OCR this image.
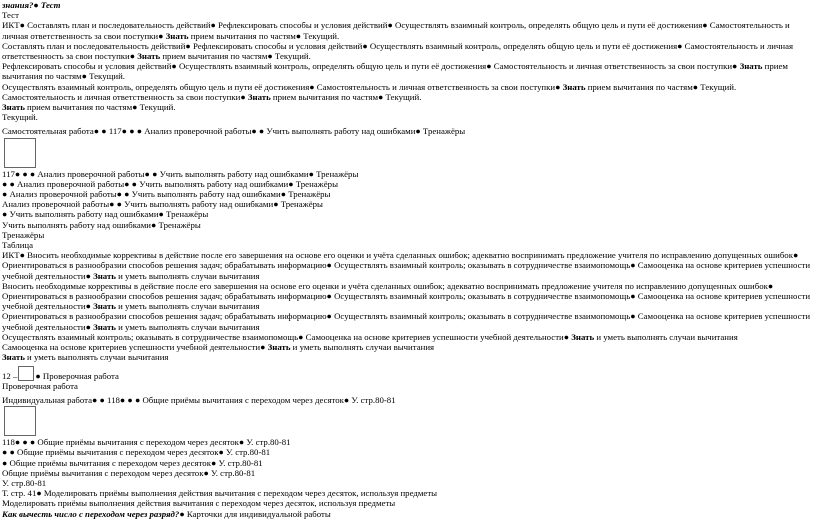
знания?● Тест
Тест
ИКТ● Составлять план и последовательность действий● Рефлексировать способы и условия действий● Осуществлять взаимный контроль, определять общую цель и пути её достижения● Самостоятельность и личная ответственность за свои поступки● Знать прием вычитания по частям● Текущий.
Составлять план и последовательность действий● Рефлексировать способы и условия действий● Осуществлять взаимный контроль, определять общую цель и пути её достижения● Самостоятельность и личная ответственность за свои поступки● Знать прием вычитания по частям● Текущий.
Рефлексировать способы и условия действий● Осуществлять взаимный контроль, определять общую цель и пути её достижения● Самостоятельность и личная ответственность за свои поступки● Знать прием вычитания по частям● Текущий.
Осуществлять взаимный контроль, определять общую цель и пути её достижения● Самостоятельность и личная ответственность за свои поступки● Знать прием вычитания по частям● Текущий.
Самостоятельность и личная ответственность за свои поступки● Знать прием вычитания по частям● Текущий.
Знать прием вычитания по частям● Текущий.
Текущий.
Самостоятельная работа● ● 117● ● ● Анализ проверочной работы● ● Учить выполнять работу над ошибками● Тренажёры
117● ● ● Анализ проверочной работы● ● Учить выполнять работу над ошибками● Тренажёры
● ● Анализ проверочной работы● ● Учить выполнять работу над ошибками● Тренажёры
● Анализ проверочной работы● ● Учить выполнять работу над ошибками● Тренажёры
Анализ проверочной работы● ● Учить выполнять работу над ошибками● Тренажёры
● Учить выполнять работу над ошибками● Тренажёры
Учить выполнять работу над ошибками● Тренажёры
Тренажёры
Таблица
ИКТ● Вносить необходимые коррективы в действие после его завершения на основе его оценки и учёта сделанных ошибок; адекватно воспринимать предложение учителя по исправлению допущенных ошибок● Ориентироваться в разнообразии способов решения задач; обрабатывать информацию● Осуществлять взаимный контроль; оказывать в сотрудничестве взаимопомощь● Самооценка на основе критериев успешности учебной деятельности● Знать и уметь выполнять случаи вычитания
Вносить необходимые коррективы в действие после его завершения на основе его оценки и учёта сделанных ошибок; адекватно воспринимать предложение учителя по исправлению допущенных ошибок● Ориентироваться в разнообразии способов решения задач; обрабатывать информацию● Осуществлять взаимный контроль; оказывать в сотрудничестве взаимопомощь● Самооценка на основе критериев успешности учебной деятельности● Знать и уметь выполнять случаи вычитания
Ориентироваться в разнообразии способов решения задач; обрабатывать информацию● Осуществлять взаимный контроль; оказывать в сотрудничестве взаимопомощь● Самооценка на основе критериев успешности учебной деятельности● Знать и уметь выполнять случаи вычитания
Осуществлять взаимный контроль; оказывать в сотрудничестве взаимопомощь● Самооценка на основе критериев успешности учебной деятельности● Знать и уметь выполнять случаи вычитания
Самооценка на основе критериев успешности учебной деятельности● Знать и уметь выполнять случаи вычитания
Знать и уметь выполнять случаи вычитания
12 – ● Проверочная работа
Проверочная работа
Индивидуальная работа● ● 118● ● ● Общие приёмы вычитания с переходом через десяток● У. стр.80-81
118● ● ● Общие приёмы вычитания с переходом через десяток● У. стр.80-81
● ● Общие приёмы вычитания с переходом через десяток● У. стр.80-81
● Общие приёмы вычитания с переходом через десяток● У. стр.80-81
Общие приёмы вычитания с переходом через десяток● У. стр.80-81
У. стр.80-81
Т. стр. 41● Моделировать приёмы выполнения действия вычитания с переходом через десяток, используя предметы
Моделировать приёмы выполнения действия вычитания с переходом через десяток, используя предметы
Как вычесть число с переходом через разряд?● Карточки для индивидуальной работы
